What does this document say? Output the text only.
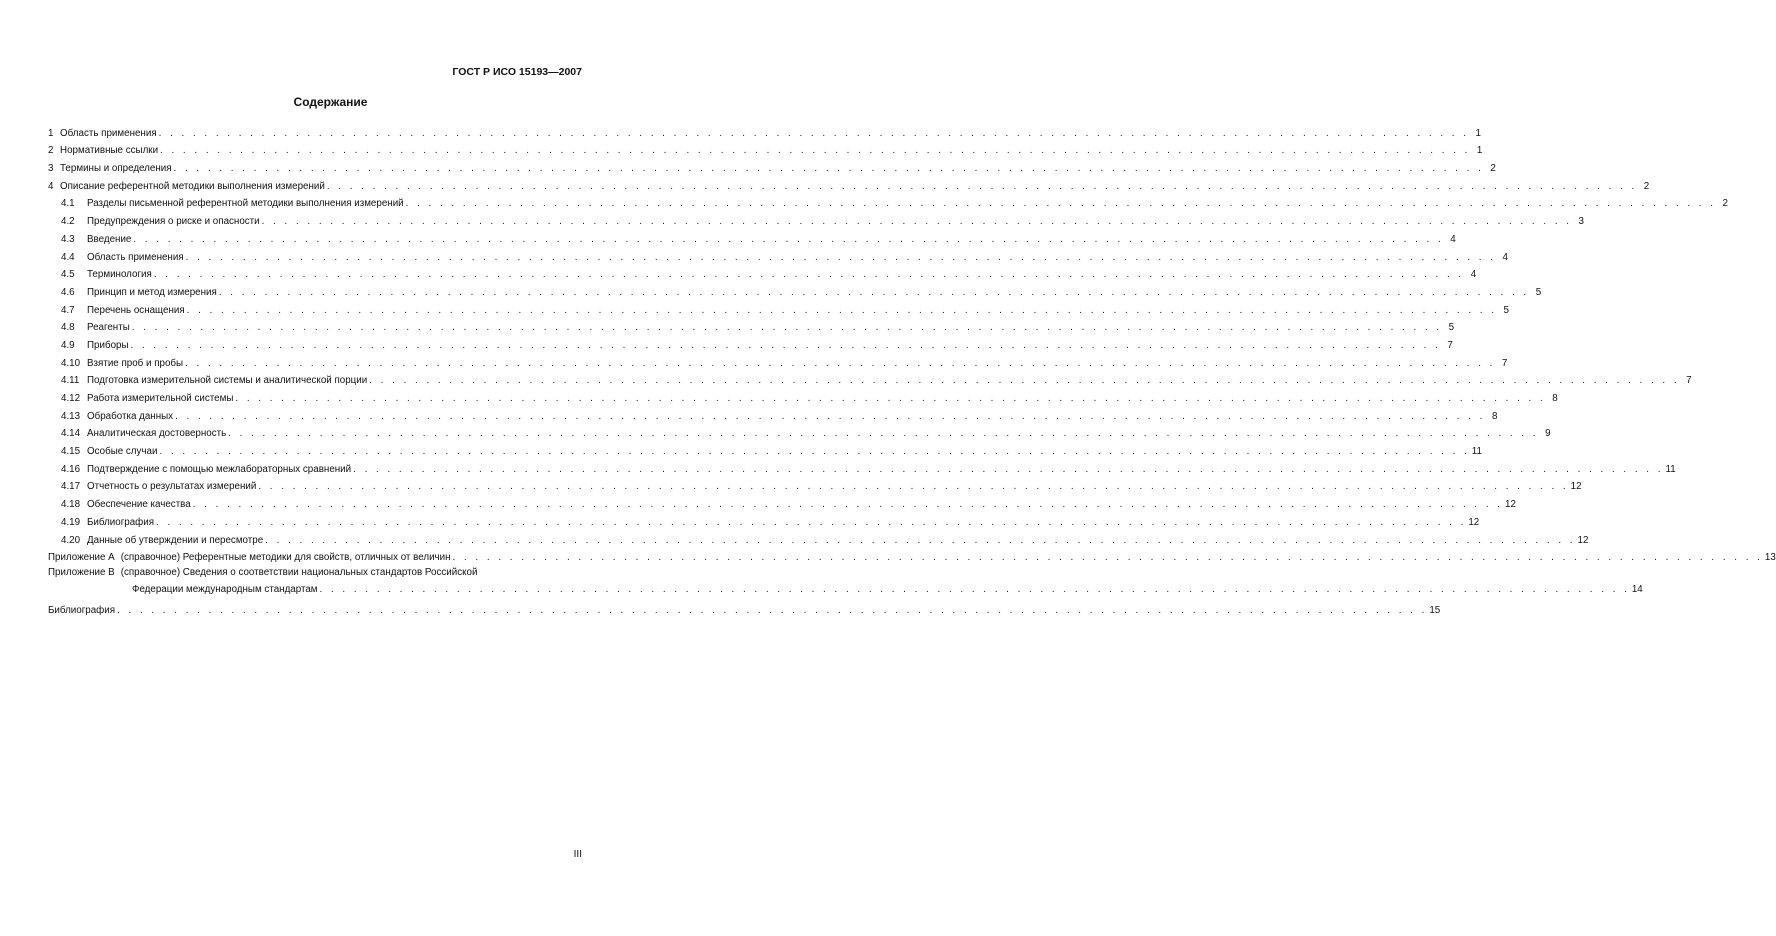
ГОСТ Р ИСО 15193—2007
Содержание
1 Область применения . . . . . . . . . . . . . . . . . . . . . . . . . . . . . . . . . . . . . . . . . . . . . . . . . . . . . . . . . . . . . . . . . . . . . . . . . . . . . . . . . . . . . . . . . . . . . . . . . . . . . . . . . . . . . . . . . . . 1
2 Нормативные ссылки . . . . . . . . . . . . . . . . . . . . . . . . . . . . . . . . . . . . . . . . . . . . . . . . . . . . . . . . . . . . . . . . . . . . . . . . . . . . . . . . . . . . . . . . . . . . . . . . . . . . . . . . . . . . . . . . . . . 1
3 Термины и определения . . . . . . . . . . . . . . . . . . . . . . . . . . . . . . . . . . . . . . . . . . . . . . . . . . . . . . . . . . . . . . . . . . . . . . . . . . . . . . . . . . . . . . . . . . . . . . . . . . . . . . . . . . . . . . . . . . . 2
4 Описание референтной методики выполнения измерений . . . . . . . . . . . . . . . . . . . . . . . . . . . . . . . . . . . . . . . . . . . . . . . . . . . . . . . . . . . . . . . . . . . . . . . . . . . . . . . . . . . . . . . . . . . . . . . . . . . . . . . . . . . . . . . . . . . 2
4.1 Разделы письменной референтной методики выполнения измерений . . . . . . . . . . . . . . . . . . . . . . . . . . . . . . . . . . . . . . . . . . . . . . . . . . . . . . . . . . . . . . . . . . . . . . . . . . . . . . . . . . . . . . . . . . . . . . . . . . . . . . . . . . . . . . . . . . . 2
4.2 Предупреждения о риске и опасности . . . . . . . . . . . . . . . . . . . . . . . . . . . . . . . . . . . . . . . . . . . . . . . . . . . . . . . . . . . . . . . . . . . . . . . . . . . . . . . . . . . . . . . . . . . . . . . . . . . . . . . . . . . . . . . . . . . 3
4.3 Введение . . . . . . . . . . . . . . . . . . . . . . . . . . . . . . . . . . . . . . . . . . . . . . . . . . . . . . . . . . . . . . . . . . . . . . . . . . . . . . . . . . . . . . . . . . . . . . . . . . . . . . . . . . . . . . . . . . . 4
4.4 Область применения . . . . . . . . . . . . . . . . . . . . . . . . . . . . . . . . . . . . . . . . . . . . . . . . . . . . . . . . . . . . . . . . . . . . . . . . . . . . . . . . . . . . . . . . . . . . . . . . . . . . . . . . . . . . . . . . . . . 4
4.5 Терминология . . . . . . . . . . . . . . . . . . . . . . . . . . . . . . . . . . . . . . . . . . . . . . . . . . . . . . . . . . . . . . . . . . . . . . . . . . . . . . . . . . . . . . . . . . . . . . . . . . . . . . . . . . . . . . . . . . . 4
4.6 Принцип и метод измерения . . . . . . . . . . . . . . . . . . . . . . . . . . . . . . . . . . . . . . . . . . . . . . . . . . . . . . . . . . . . . . . . . . . . . . . . . . . . . . . . . . . . . . . . . . . . . . . . . . . . . . . . . . . . . . . . . . . 5
4.7 Перечень оснащения . . . . . . . . . . . . . . . . . . . . . . . . . . . . . . . . . . . . . . . . . . . . . . . . . . . . . . . . . . . . . . . . . . . . . . . . . . . . . . . . . . . . . . . . . . . . . . . . . . . . . . . . . . . . . . . . . . . 5
4.8 Реагенты . . . . . . . . . . . . . . . . . . . . . . . . . . . . . . . . . . . . . . . . . . . . . . . . . . . . . . . . . . . . . . . . . . . . . . . . . . . . . . . . . . . . . . . . . . . . . . . . . . . . . . . . . . . . . . . . . . . 5
4.9 Приборы . . . . . . . . . . . . . . . . . . . . . . . . . . . . . . . . . . . . . . . . . . . . . . . . . . . . . . . . . . . . . . . . . . . . . . . . . . . . . . . . . . . . . . . . . . . . . . . . . . . . . . . . . . . . . . . . . . . 7
4.10 Взятие проб и пробы . . . . . . . . . . . . . . . . . . . . . . . . . . . . . . . . . . . . . . . . . . . . . . . . . . . . . . . . . . . . . . . . . . . . . . . . . . . . . . . . . . . . . . . . . . . . . . . . . . . . . . . . . . . . . . . . . . . 7
4.11 Подготовка измерительной системы и аналитической порции . . . . . . . . . . . . . . . . . . . . . . . . . . . . . . . . . . . . . . . . . . . . . . . . . . . . . . . . . . . . . . . . . . . . . . . . . . . . . . . . . . . . . . . . . . . . . . . . . . . . . . . . . . . . . . . . . . . 7
4.12 Работа измерительной системы . . . . . . . . . . . . . . . . . . . . . . . . . . . . . . . . . . . . . . . . . . . . . . . . . . . . . . . . . . . . . . . . . . . . . . . . . . . . . . . . . . . . . . . . . . . . . . . . . . . . . . . . . . . . . . . . . . . 8
4.13 Обработка данных . . . . . . . . . . . . . . . . . . . . . . . . . . . . . . . . . . . . . . . . . . . . . . . . . . . . . . . . . . . . . . . . . . . . . . . . . . . . . . . . . . . . . . . . . . . . . . . . . . . . . . . . . . . . . . . . . . . 8
4.14 Аналитическая достоверность . . . . . . . . . . . . . . . . . . . . . . . . . . . . . . . . . . . . . . . . . . . . . . . . . . . . . . . . . . . . . . . . . . . . . . . . . . . . . . . . . . . . . . . . . . . . . . . . . . . . . . . . . . . . . . . . . . . 9
4.15 Особые случаи . . . . . . . . . . . . . . . . . . . . . . . . . . . . . . . . . . . . . . . . . . . . . . . . . . . . . . . . . . . . . . . . . . . . . . . . . . . . . . . . . . . . . . . . . . . . . . . . . . . . . . . . . . . . . . . . . . . 11
4.16 Подтверждение с помощью межлабораторных сравнений . . . . . . . . . . . . . . . . . . . . . . . . . . . . . . . . . . . . . . . . . . . . . . . . . . . . . . . . . . . . . . . . . . . . . . . . . . . . . . . . . . . . . . . . . . . . . . . . . . . . . . . . . . . . . . . . . . . 11
4.17 Отчетность о результатах измерений . . . . . . . . . . . . . . . . . . . . . . . . . . . . . . . . . . . . . . . . . . . . . . . . . . . . . . . . . . . . . . . . . . . . . . . . . . . . . . . . . . . . . . . . . . . . . . . . . . . . . . . . . . . . . . . . . . . 12
4.18 Обеспечение качества . . . . . . . . . . . . . . . . . . . . . . . . . . . . . . . . . . . . . . . . . . . . . . . . . . . . . . . . . . . . . . . . . . . . . . . . . . . . . . . . . . . . . . . . . . . . . . . . . . . . . . . . . . . . . . . . . . . 12
4.19 Библиография . . . . . . . . . . . . . . . . . . . . . . . . . . . . . . . . . . . . . . . . . . . . . . . . . . . . . . . . . . . . . . . . . . . . . . . . . . . . . . . . . . . . . . . . . . . . . . . . . . . . . . . . . . . . . . . . . . . 12
4.20 Данные об утверждении и пересмотре . . . . . . . . . . . . . . . . . . . . . . . . . . . . . . . . . . . . . . . . . . . . . . . . . . . . . . . . . . . . . . . . . . . . . . . . . . . . . . . . . . . . . . . . . . . . . . . . . . . . . . . . . . . . . . . . . . . 12
Приложение А (справочное) Референтные методики для свойств, отличных от величин . . . . . . . . . . . . . . . . . . . . . . . . . . . . . . . . . . . . . . . . . . . . . . . . . . . . . . . . . . . . . . . . . . . . . . . . . . . . . . . . . . . . . . . . . . . . . . . . . . . . . . . . . . . . . . . . . . . 13
Приложение В (справочное) Сведения о соответствии национальных стандартов Российской
Федерации международным стандартам . . . . . . . . . . . . . . . . . . . . . . . . . . . . . . . . . . . . . . . . . . . . . . . . . . . . . . . . . . . . . . . . . . . . . . . . . . . . . . . . . . . . . . . . . . . . . . . . . . . . . . . . . . . . . . . . . . . 14
Библиография . . . . . . . . . . . . . . . . . . . . . . . . . . . . . . . . . . . . . . . . . . . . . . . . . . . . . . . . . . . . . . . . . . . . . . . . . . . . . . . . . . . . . . . . . . . . . . . . . . . . . . . . . . . . . . . . . . . 15
III
